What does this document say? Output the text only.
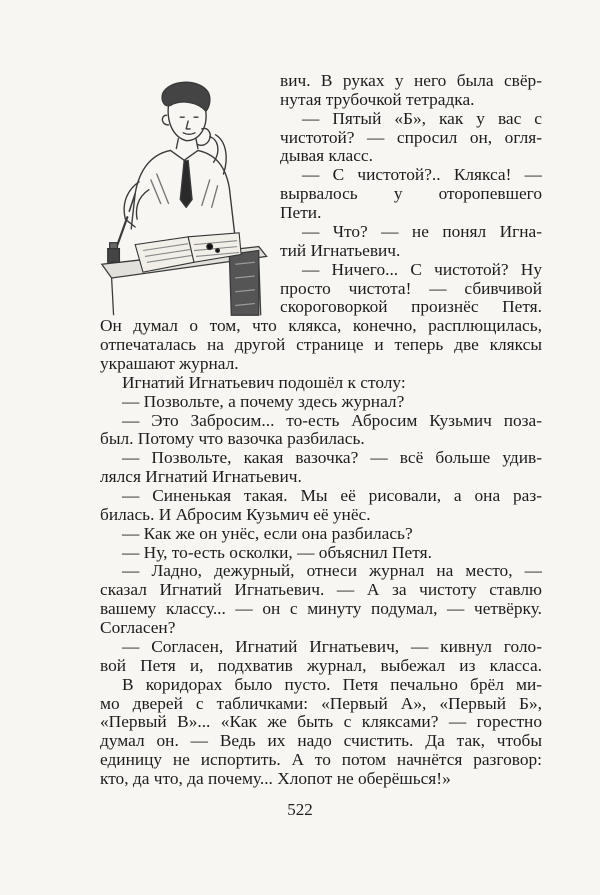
вич. В руках у него была свёр-

нутая трубочкой тетрадка.

— Пятый «Б», как у вас с

чистотой? — спросил он, огля-

дывая класс.

— С чистотой?.. Клякса! —

вырвалось у оторопевшего

Пети.

— Что? — не понял Игна-

тий Игнатьевич.

— Ничего... С чистотой? Ну

просто чистота! — сбивчивой

скороговоркой произнёс Петя.

Он думал о том, что клякса, конечно, расплющилась,

отпечаталась на другой странице и теперь две кляксы

украшают журнал.

Игнатий Игнатьевич подошёл к столу:

— Позвольте, а почему здесь журнал?

— Это Забросим... то-есть Абросим Кузьмич поза-

был. Потому что вазочка разбилась.

— Позвольте, какая вазочка? — всё больше удив-

лялся Игнатий Игнатьевич.

— Синенькая такая. Мы её рисовали, а она раз-

билась. И Абросим Кузьмич её унёс.

— Как же он унёс, если она разбилась?

— Ну, то-есть осколки, — объяснил Петя.

— Ладно, дежурный, отнеси журнал на место, —

сказал Игнатий Игнатьевич. — А за чистоту ставлю

вашему классу... — он с минуту подумал, — четвёрку.

Согласен?

— Согласен, Игнатий Игнатьевич, — кивнул голо-

вой Петя и, подхватив журнал, выбежал из класса.

В коридорах было пусто. Петя печально брёл ми-

мо дверей с табличками: «Первый А», «Первый Б»,

«Первый В»... «Как же быть с кляксами? — горестно

думал он. — Ведь их надо счистить. Да так, чтобы

единицу не испортить. А то потом начнётся разговор:

кто, да что, да почему... Хлопот не оберёшься!»

522
